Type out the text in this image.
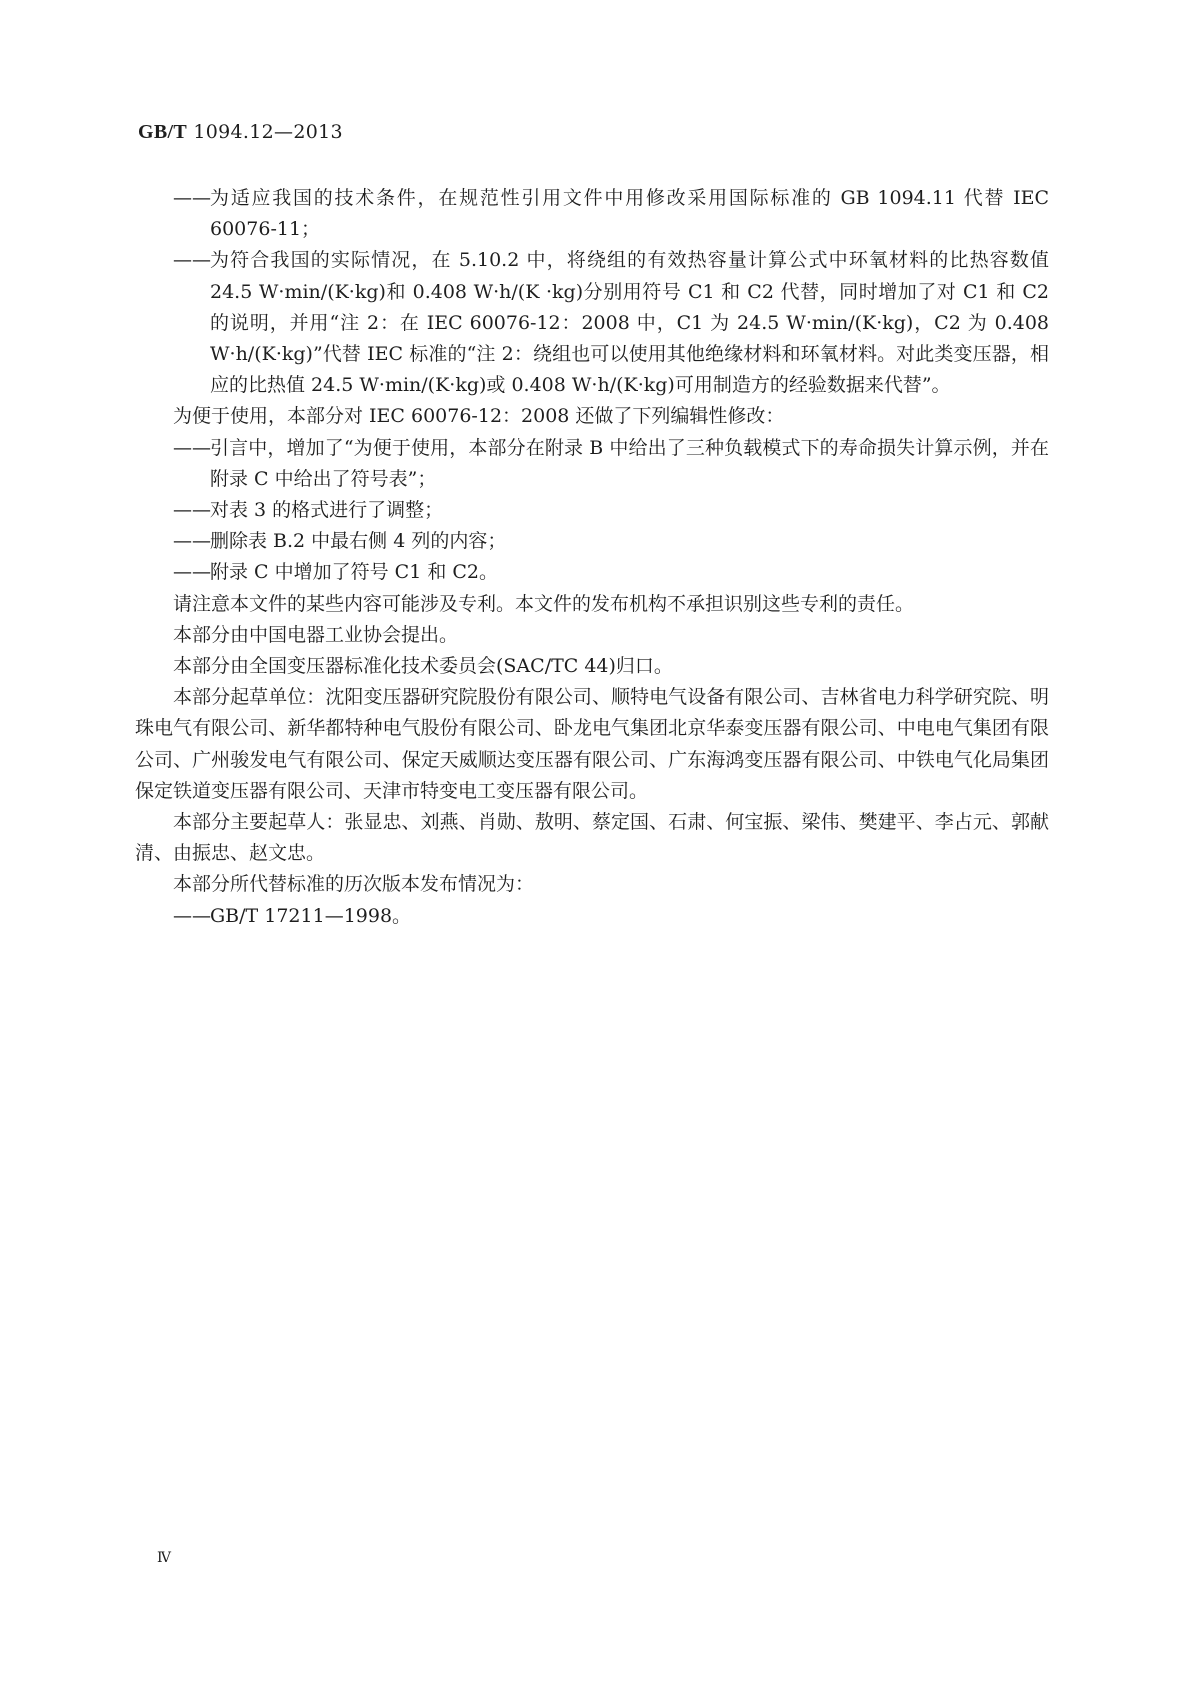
GB/T 1094.12—2013
—— 为适应我国的技术条件，在规范性引用文件中用修改采用国际标准的 GB 1094.11 代替 IEC 60076-11；
—— 为符合我国的实际情况，在 5.10.2 中，将绕组的有效热容量计算公式中环氧材料的比热容数值 24.5 W·min/(K·kg)和 0.408 W·h/(K ·kg)分别用符号 C1 和 C2 代替，同时增加了对 C1 和 C2 的说明，并用“注 2：在 IEC 60076-12：2008 中，C1 为 24.5 W·min/(K·kg)，C2 为 0.408 W·h/(K·kg)”代替 IEC 标准的“注 2：绕组也可以使用其他绝缘材料和环氧材料。对此类变压器，相应的比热值 24.5 W·min/(K·kg)或 0.408 W·h/(K·kg)可用制造方的经验数据来代替”。

为便于使用，本部分对 IEC 60076-12：2008 还做了下列编辑性修改：

—— 引言中，增加了“为便于使用，本部分在附录 B 中给出了三种负载模式下的寿命损失计算示例，并在附录 C 中给出了符号表”；
—— 对表 3 的格式进行了调整；
—— 删除表 B.2 中最右侧 4 列的内容；
—— 附录 C 中增加了符号 C1 和 C2。

请注意本文件的某些内容可能涉及专利。本文件的发布机构不承担识别这些专利的责任。

本部分由中国电器工业协会提出。

本部分由全国变压器标准化技术委员会(SAC/TC 44)归口。

本部分起草单位：沈阳变压器研究院股份有限公司、顺特电气设备有限公司、吉林省电力科学研究院、明珠电气有限公司、新华都特种电气股份有限公司、卧龙电气集团北京华泰变压器有限公司、中电电气集团有限公司、广州骏发电气有限公司、保定天威顺达变压器有限公司、广东海鸿变压器有限公司、中铁电气化局集团保定铁道变压器有限公司、天津市特变电工变压器有限公司。

本部分主要起草人：张显忠、刘燕、肖勋、敖明、蔡定国、石肃、何宝振、梁伟、樊建平、李占元、郭献清、由振忠、赵文忠。

本部分所代替标准的历次版本发布情况为：

—— GB/T 17211—1998。
Ⅳ
